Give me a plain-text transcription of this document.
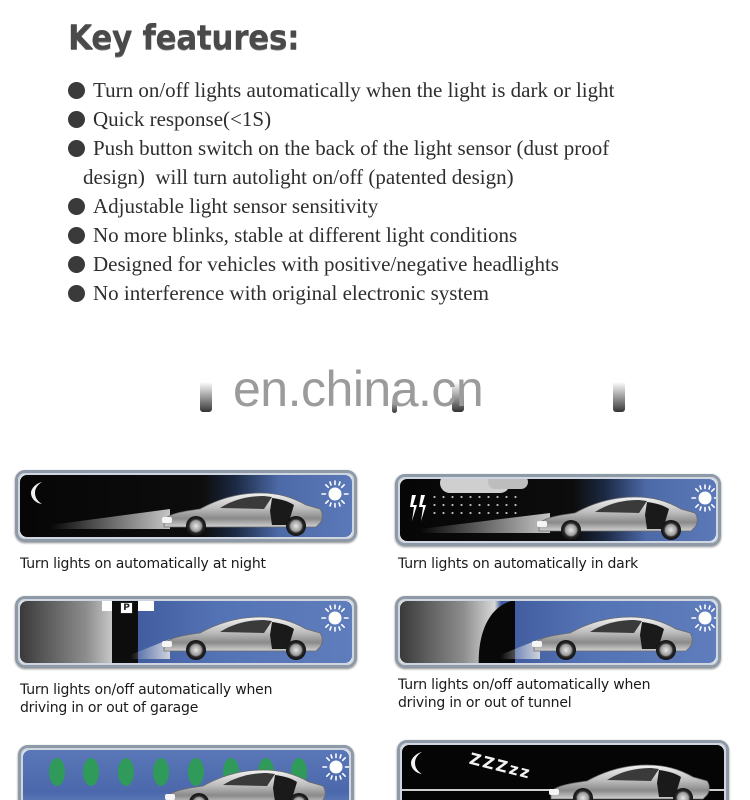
Key features:
Turn on/off lights automatically when the light is dark or light
Quick response(<1S)
Push button switch on the back of the light sensor (dust proof
design)  will turn autolight on/off (patented design)
Adjustable light sensor sensitivity
No more blinks, stable at different light conditions
Designed for vehicles with positive/negative headlights
No interference with original electronic system
en.china.cn
Turn lights on automatically at night	Turn lights on automatically in dark
P
Turn lights on/off automatically when
driving in or out of garage
Turn lights on/off automatically when
driving in or out of tunnel
ZZZzz
